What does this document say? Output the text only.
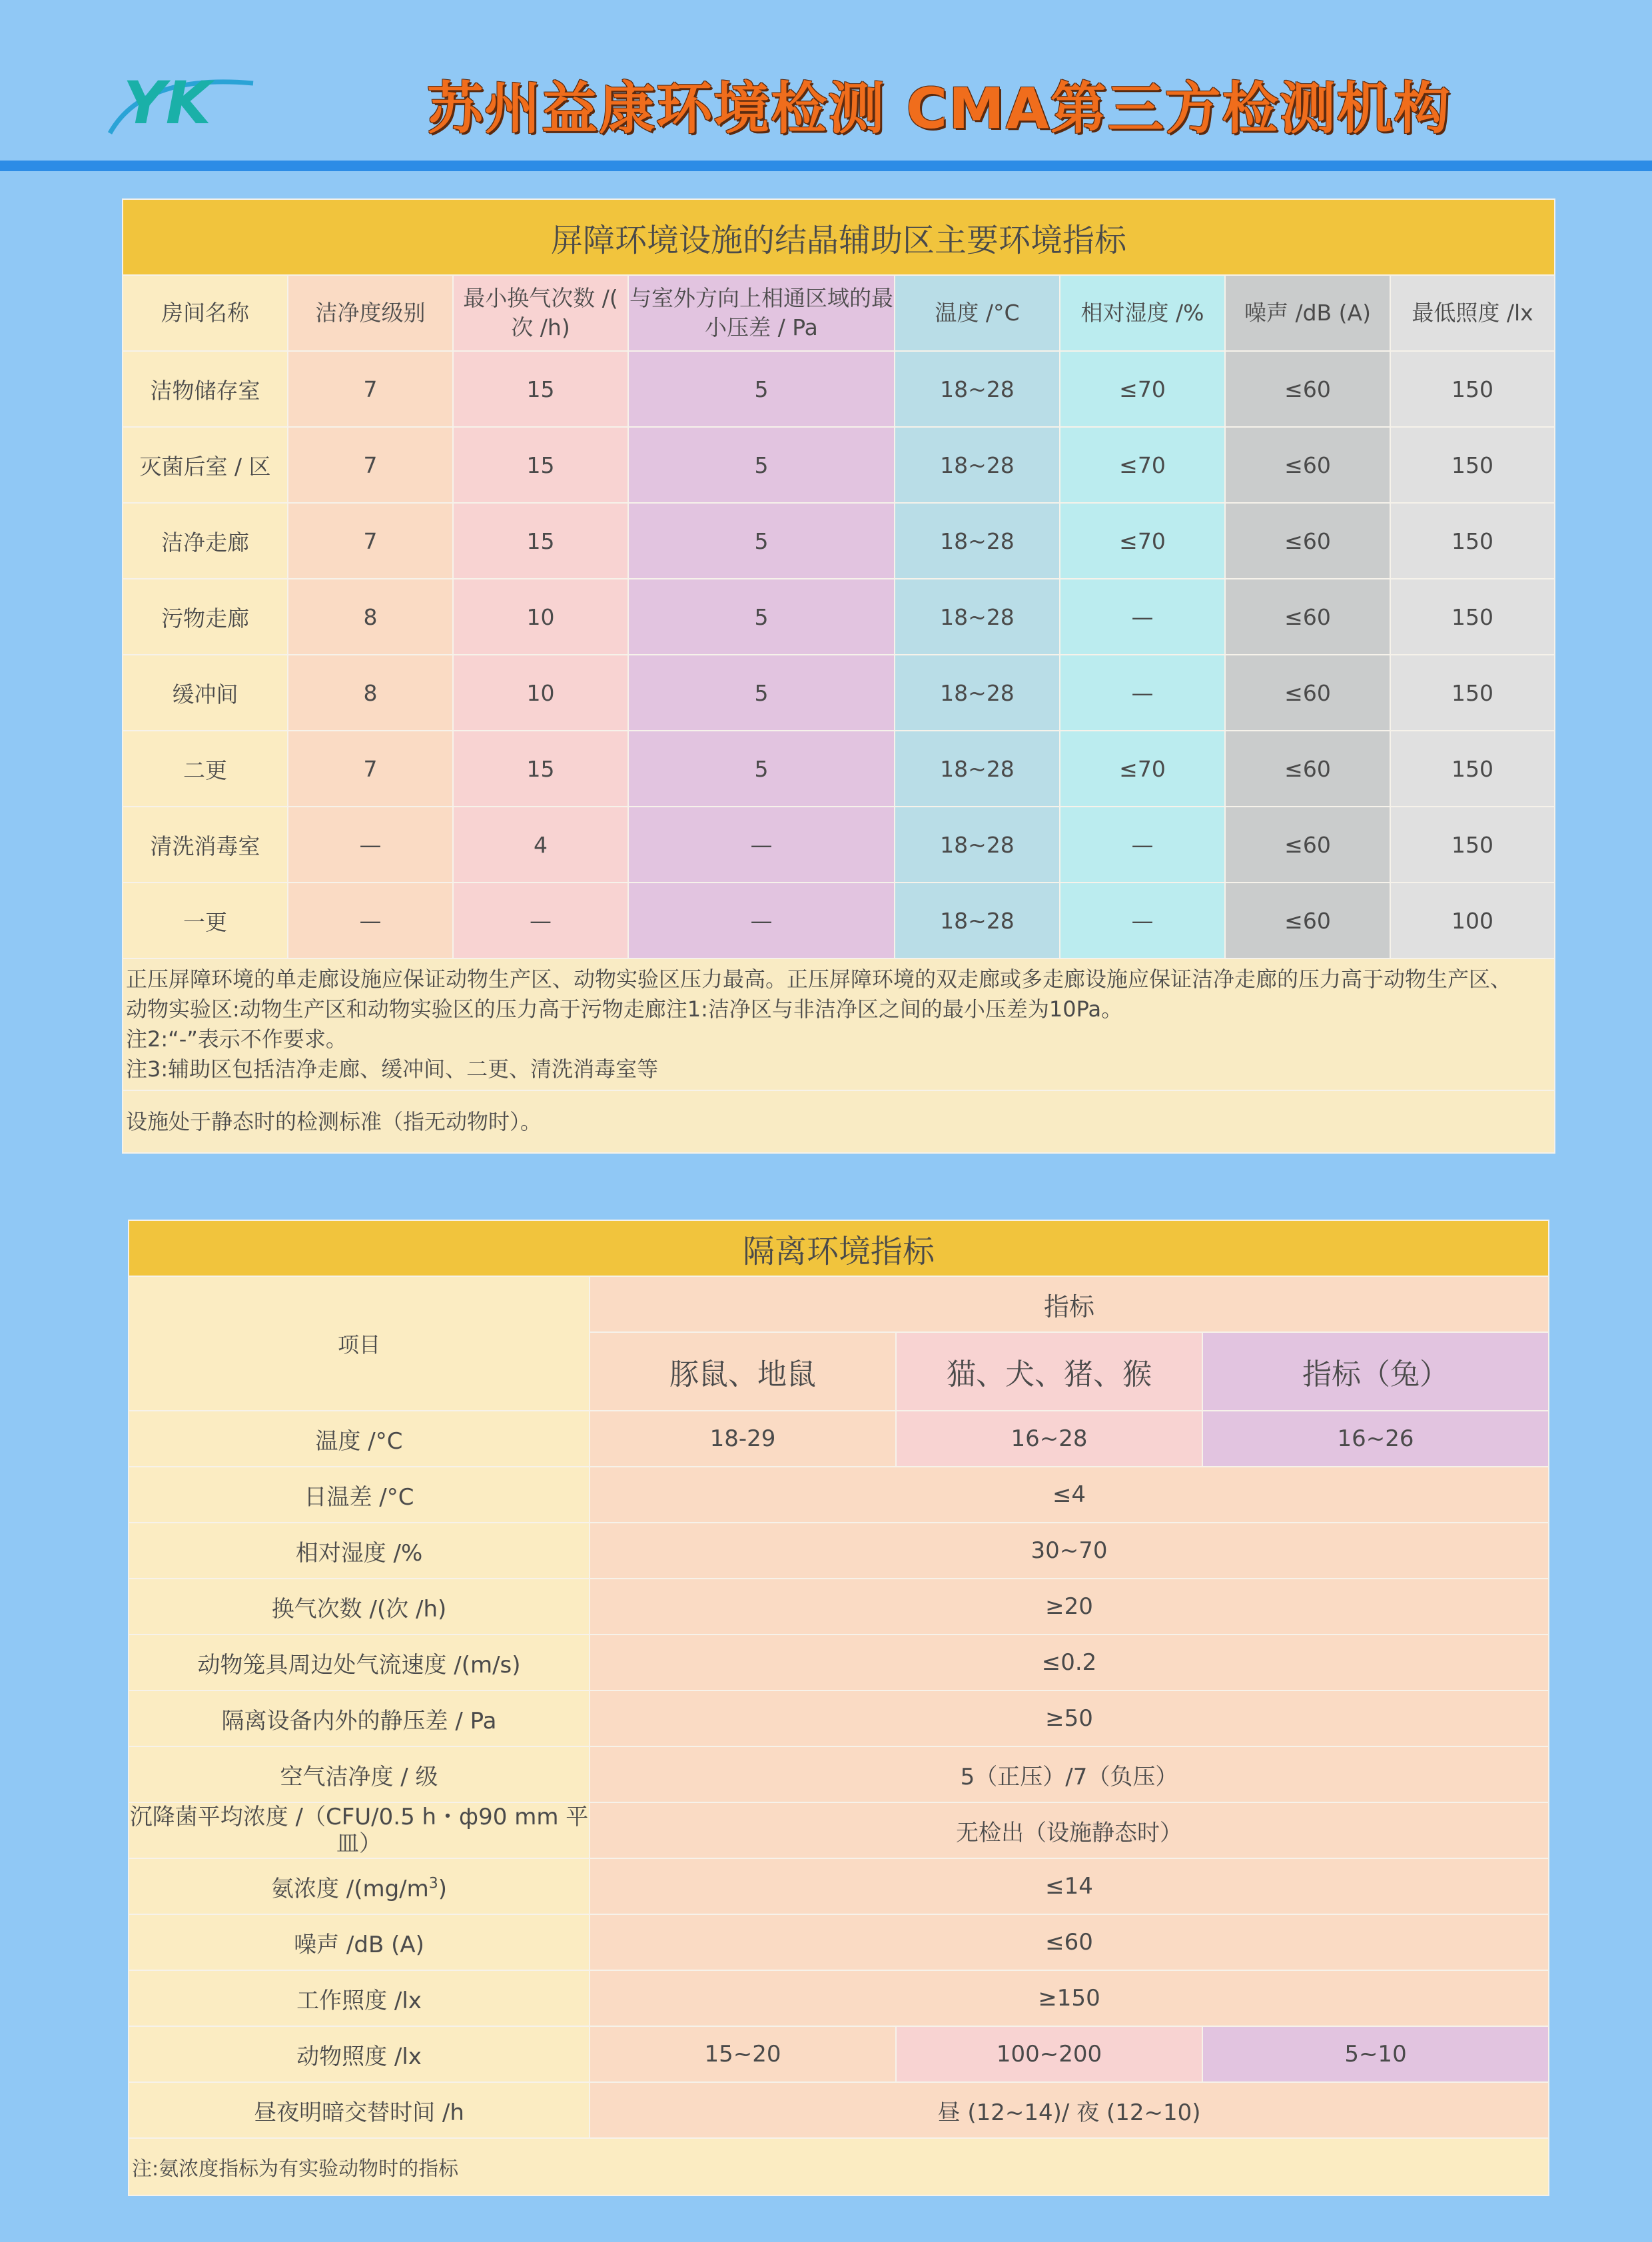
YK	苏州益康环境检测 CMA第三方检测机构
屏障环境设施的结晶辅助区主要环境指标							
房间名称	洁净度级别	最小换气次数 /( 次 /h)	与室外方向上相通区域的最小压差 / Pa	温度 /°C	相对湿度 /%	噪声 /dB (A)	最低照度 /lx
洁物储存室	7	15	5	18~28	≤70	≤60	150
灭菌后室 / 区	7	15	5	18~28	≤70	≤60	150
洁净走廊	7	15	5	18~28	≤70	≤60	150
污物走廊	8	10	5	18~28	—	≤60	150
缓冲间	8	10	5	18~28	—	≤60	150
二更	7	15	5	18~28	≤70	≤60	150
清洗消毒室	—	4	—	18~28	—	≤60	150
一更	—	—	—	18~28	—	≤60	100

正压屏障环境的单走廊设施应保证动物生产区、动物实验区压力最高。正压屏障环境的双走廊或多走廊设施应保证洁净走廊的压力高于动物生产区、
动物实验区:动物生产区和动物实验区的压力高于污物走廊注1:洁净区与非洁净区之间的最小压差为10Pa。
注2:“-”表示不作要求。
注3:辅助区包括洁净走廊、缓冲间、二更、清洗消毒室等							

设施处于静态时的检测标准（指无动物时）。							
隔离环境指标			
项目	指标		
	豚鼠、地鼠	猫、犬、猪、猴	指标（兔）
温度 /°C	18-29	16~28	16~26
日温差 /°C	≤4		
相对湿度 /%	30~70		
换气次数 /(次 /h)	≥20		
动物笼具周边处气流速度 /(m/s)	≤0.2		
隔离设备内外的静压差 / Pa	≥50		
空气洁净度 / 级	5（正压）/7（负压）		
沉降菌平均浓度 /（CFU/0.5 h・ф90 mm 平皿）	无检出（设施静态时）		
氨浓度 $/(mg/m^3)$	≤14		
噪声 /dB (A)	≤60		
工作照度 /lx	≥150		
动物照度 /lx	15~20	100~200	5~10
昼夜明暗交替时间 /h	昼 (12~14)/ 夜 (12~10)		
注:氨浓度指标为有实验动物时的指标			
